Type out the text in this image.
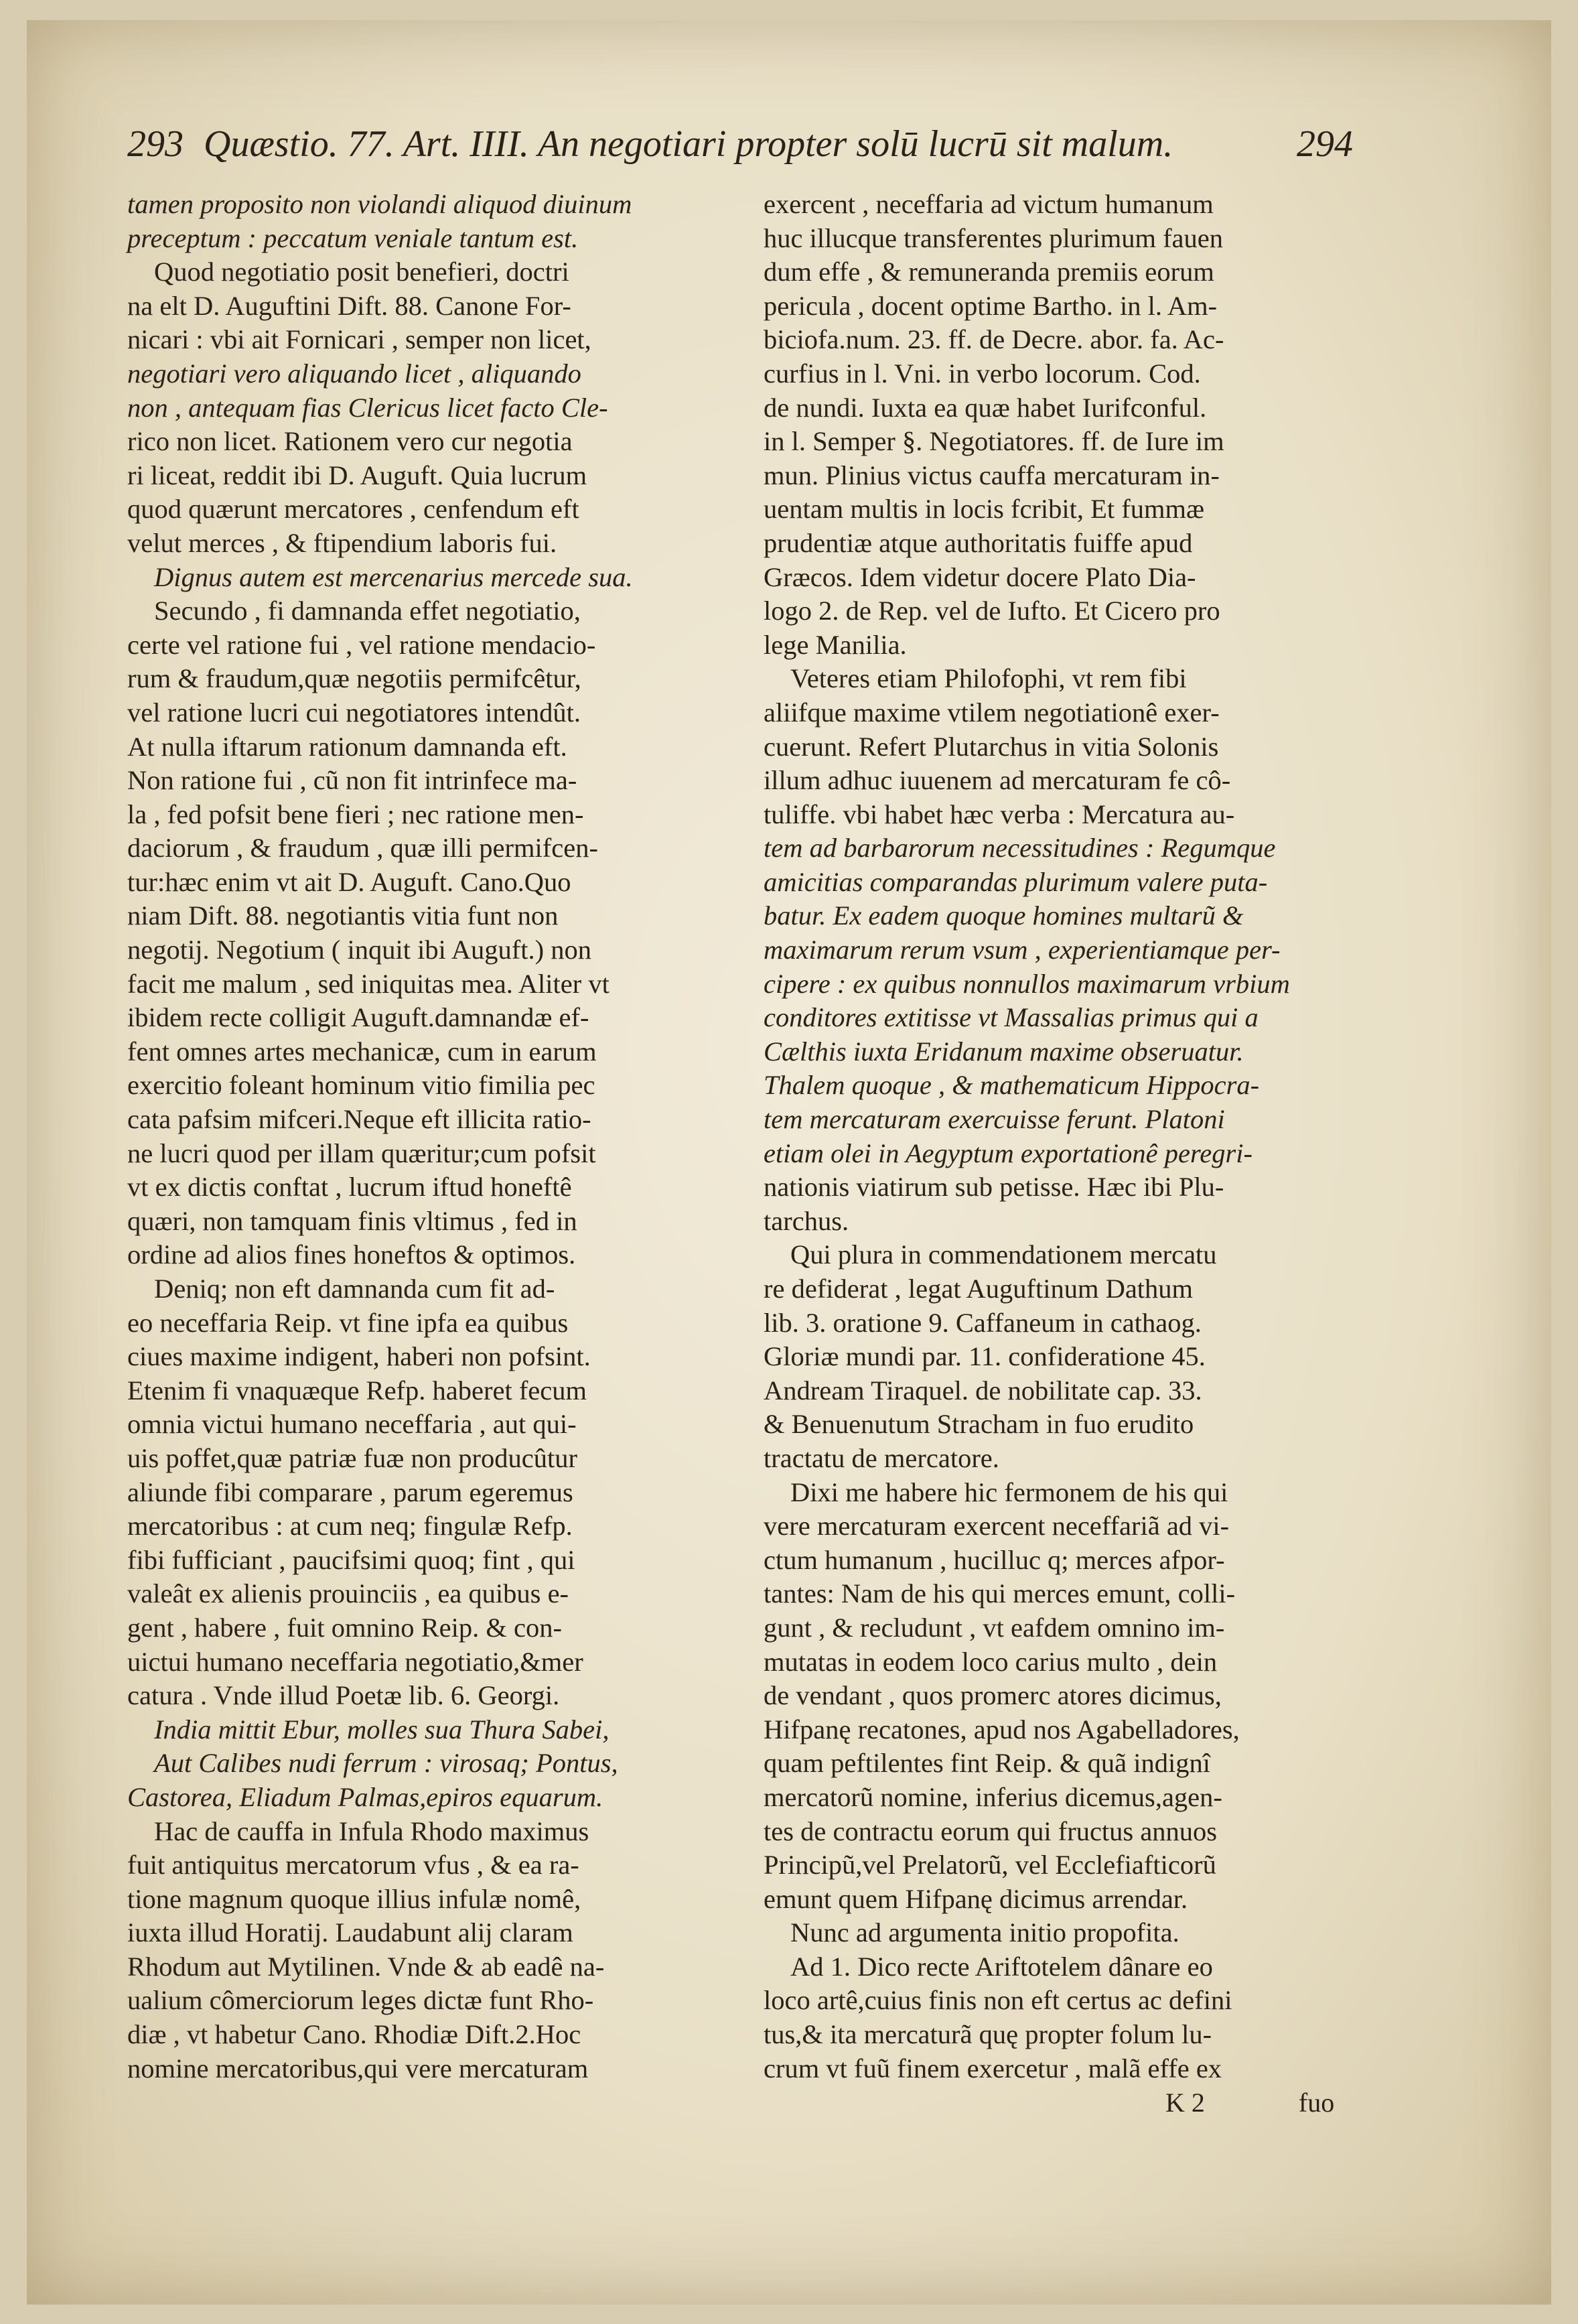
293 Quæstio. 77. Art. IIII. An negotiari propter solū lucrū sit malum.	294
tamen proposito non violandi aliquod diuinum
preceptum : peccatum veniale tantum est.
Quod negotiatio posit benefieri, doctri
na elt D. Auguftini Dift. 88. Canone For-
nicari : vbi ait Fornicari , semper non licet,
negotiari vero aliquando licet , aliquando
non , antequam fias Clericus licet facto Cle-
rico non licet. Rationem vero cur negotia
ri liceat, reddit ibi D. Auguft. Quia lucrum
quod quærunt mercatores , cenfendum eft
velut merces , & ftipendium laboris fui.
Dignus autem est mercenarius mercede sua.
Secundo , fi damnanda effet negotiatio,
certe vel ratione fui , vel ratione mendacio-
rum & fraudum,quæ negotiis permifcêtur,
vel ratione lucri cui negotiatores intendût.
At nulla iftarum rationum damnanda eft.
Non ratione fui , cũ non fit intrinfece ma-
la , fed pofsit bene fieri ; nec ratione men-
daciorum , & fraudum , quæ illi permifcen-
tur:hæc enim vt ait D. Auguft. Cano.Quo
niam Dift. 88. negotiantis vitia funt non
negotij. Negotium ( inquit ibi Auguft.) non
facit me malum , sed iniquitas mea. Aliter vt
ibidem recte colligit Auguft.damnandæ ef-
fent omnes artes mechanicæ, cum in earum
exercitio foleant hominum vitio fimilia pec
cata pafsim mifceri.Neque eft illicita ratio-
ne lucri quod per illam quæritur;cum pofsit
vt ex dictis conftat , lucrum iftud honeftê
quæri, non tamquam finis vltimus , fed in
ordine ad alios fines honeftos & optimos.
Deniq; non eft damnanda cum fit ad-
eo neceffaria Reip. vt fine ipfa ea quibus
ciues maxime indigent, haberi non pofsint.
Etenim fi vnaquæque Refp. haberet fecum
omnia victui humano neceffaria , aut qui-
uis poffet,quæ patriæ fuæ non producûtur
aliunde fibi comparare , parum egeremus
mercatoribus : at cum neq; fingulæ Refp.
fibi fufficiant , paucifsimi quoq; fint , qui
valeât ex alienis prouinciis , ea quibus e-
gent , habere , fuit omnino Reip. & con-
uictui humano neceffaria negotiatio,&mer
catura . Vnde illud Poetæ lib. 6. Georgi.
India mittit Ebur, molles sua Thura Sabei,
Aut Calibes nudi ferrum : virosaq; Pontus,
Castorea, Eliadum Palmas,epiros equarum.
Hac de cauffa in Infula Rhodo maximus
fuit antiquitus mercatorum vfus , & ea ra-
tione magnum quoque illius infulæ nomê,
iuxta illud Horatij. Laudabunt alij claram
Rhodum aut Mytilinen. Vnde & ab eadê na-
ualium cômerciorum leges dictæ funt Rho-
diæ , vt habetur Cano. Rhodiæ Dift.2.Hoc
nomine mercatoribus,qui vere mercaturam
exercent , neceffaria ad victum humanum
huc illucque transferentes plurimum fauen
dum effe , & remuneranda premiis eorum
pericula , docent optime Bartho. in l. Am-
biciofa.num. 23. ff. de Decre. abor. fa. Ac-
curfius in l. Vni. in verbo locorum. Cod.
de nundi. Iuxta ea quæ habet Iurifconful.
in l. Semper §. Negotiatores. ff. de Iure im
mun. Plinius victus cauffa mercaturam in-
uentam multis in locis fcribit, Et fummæ
prudentiæ atque authoritatis fuiffe apud
Græcos. Idem videtur docere Plato Dia-
logo 2. de Rep. vel de Iufto. Et Cicero pro
lege Manilia.
Veteres etiam Philofophi, vt rem fibi
aliifque maxime vtilem negotiationê exer-
cuerunt. Refert Plutarchus in vitia Solonis
illum adhuc iuuenem ad mercaturam fe cô-
tuliffe. vbi habet hæc verba : Mercatura au-
tem ad barbarorum necessitudines : Regumque
amicitias comparandas plurimum valere puta-
batur. Ex eadem quoque homines multarũ &
maximarum rerum vsum , experientiamque per-
cipere : ex quibus nonnullos maximarum vrbium
conditores extitisse vt Massalias primus qui a
Cælthis iuxta Eridanum maxime obseruatur.
Thalem quoque , & mathematicum Hippocra-
tem mercaturam exercuisse ferunt. Platoni
etiam olei in Aegyptum exportationê peregri-
nationis viatirum sub petisse. Hæc ibi Plu-
tarchus.
Qui plura in commendationem mercatu
re defiderat , legat Auguftinum Dathum
lib. 3. oratione 9. Caffaneum in cathaog.
Gloriæ mundi par. 11. confideratione 45.
Andream Tiraquel. de nobilitate cap. 33.
& Benuenutum Stracham in fuo erudito
tractatu de mercatore.
Dixi me habere hic fermonem de his qui
vere mercaturam exercent neceffariã ad vi-
ctum humanum , hucilluc q; merces afpor-
tantes: Nam de his qui merces emunt, colli-
gunt , & recludunt , vt eafdem omnino im-
mutatas in eodem loco carius multo , dein
de vendant , quos promerc atores dicimus,
Hifpanę recatones, apud nos Agabelladores,
quam peftilentes fint Reip. & quã indignî
mercatorũ nomine, inferius dicemus,agen-
tes de contractu eorum qui fructus annuos
Principũ,vel Prelatorũ, vel Ecclefiafticorũ
emunt quem Hifpanę dicimus arrendar.
Nunc ad argumenta initio propofita.
Ad 1. Dico recte Ariftotelem dânare eo
loco artê,cuius finis non eft certus ac defini
tus,& ita mercaturã quę propter folum lu-
crum vt fuũ finem exercetur , malã effe ex
K 2	fuo
